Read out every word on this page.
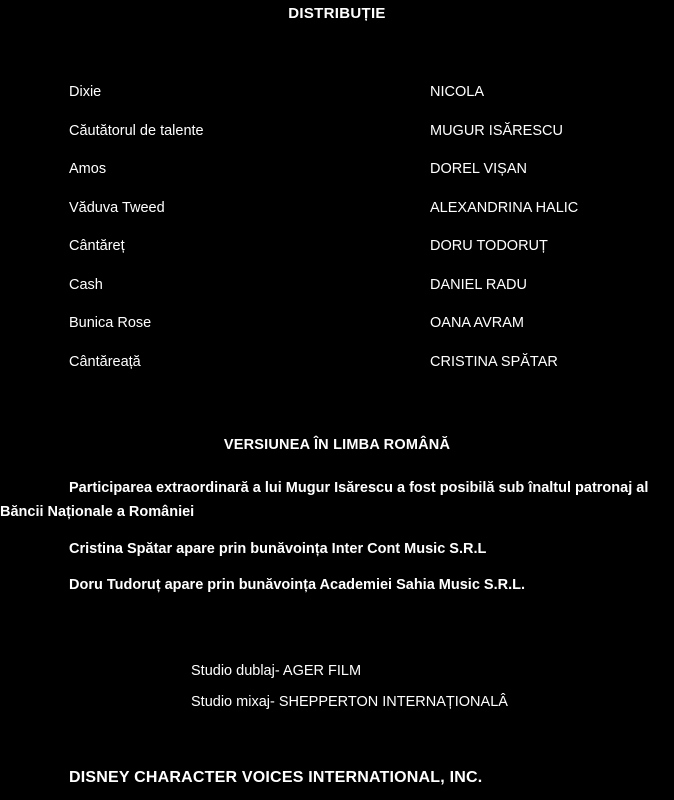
DISTRIBUȚIE
Dixie	NICOLA
Căutătorul de talente	MUGUR ISĂRESCU
Amos	DOREL VIȘAN
Văduva Tweed	ALEXANDRINA HALIC
Cântăreț	DORU TODORUȚ
Cash	DANIEL RADU
Bunica Rose	OANA AVRAM
Cântăreață	CRISTINA SPĂTAR
VERSIUNEA ÎN LIMBA ROMÂNĂ
Participarea extraordinară a lui Mugur Isărescu a fost posibilă sub înaltul patronaj al Băncii Naționale a României
Cristina Spătar apare prin bunăvoința Inter Cont Music S.R.L
Doru Tudoruț apare prin bunăvoința Academiei Sahia Music S.R.L.
Studio dublaj- AGER FILM
Studio mixaj- SHEPPERTON INTERNAȚIONALÂ
DISNEY CHARACTER VOICES INTERNATIONAL, INC.
